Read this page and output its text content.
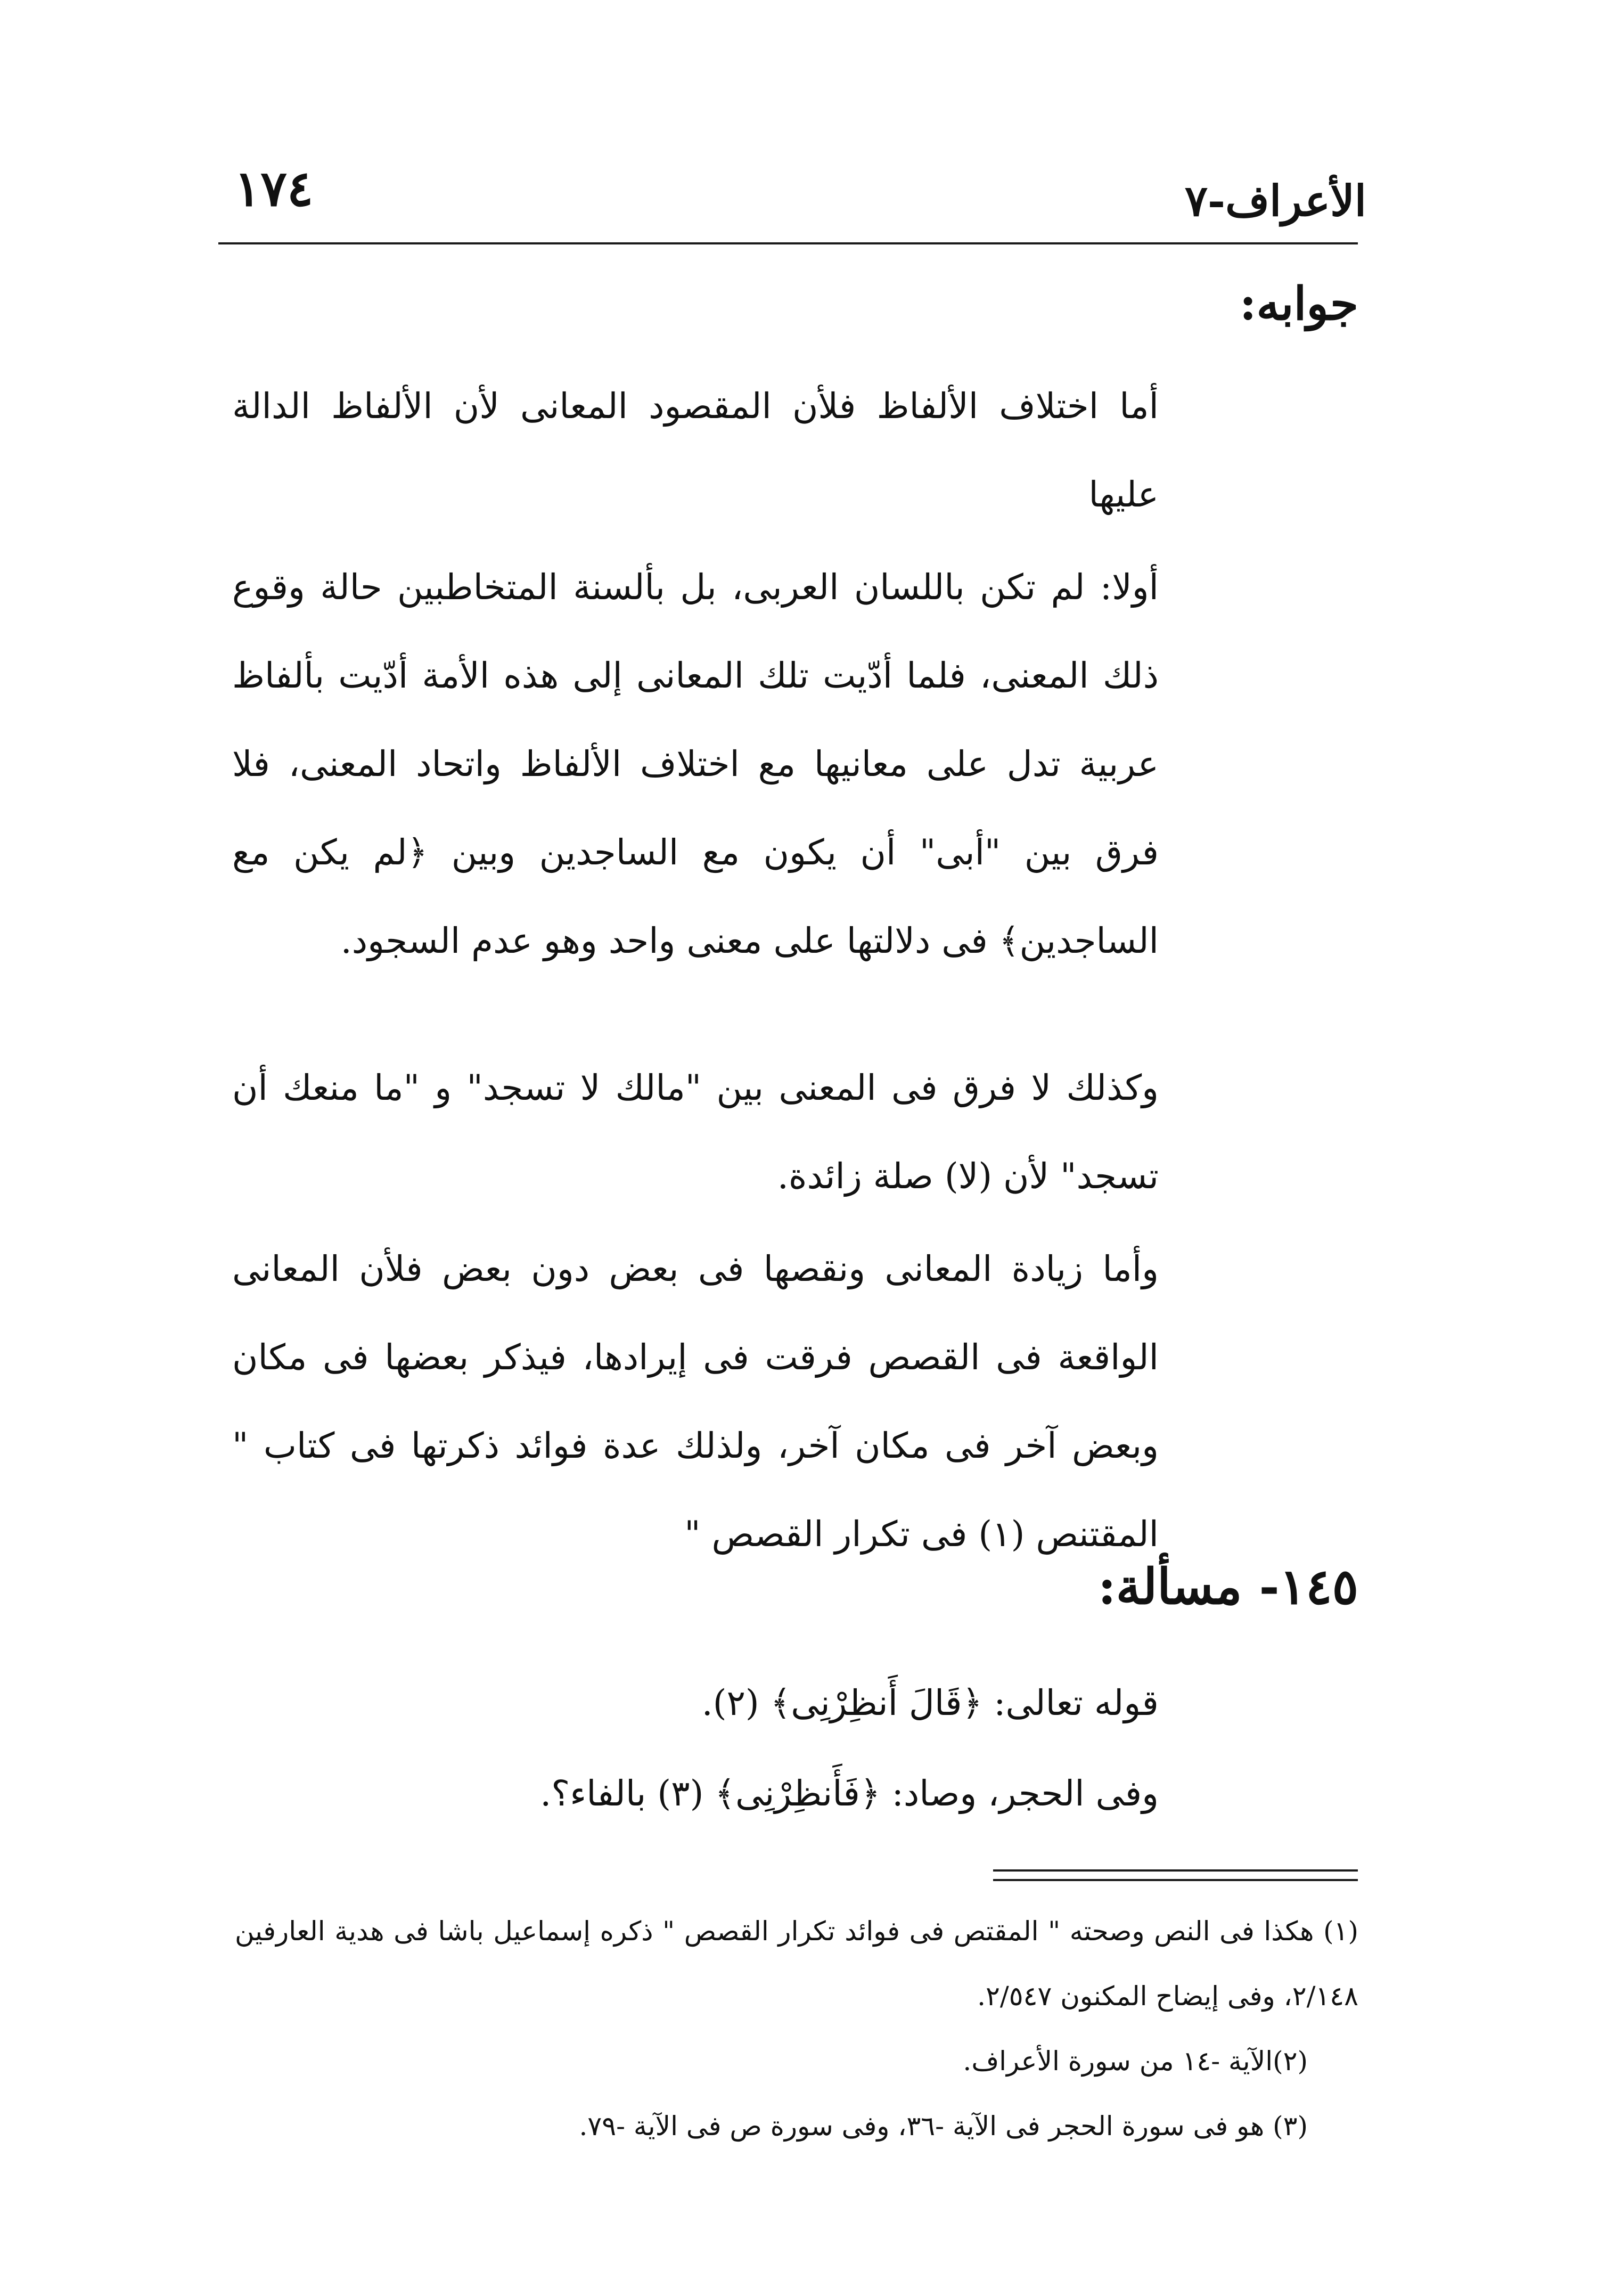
١٧٤	الأعراف-٧
جوابه:

أما اختلاف الألفاظ فلأن المقصود المعانى لأن الألفاظ الدالة عليها

أولا: لم تكن باللسان العربى، بل بألسنة المتخاطبين حالة وقوع ذلك المعنى، فلما أدّيت تلك المعانى إلى هذه الأمة أدّيت بألفاظ عربية تدل على معانيها مع اختلاف الألفاظ واتحاد المعنى، فلا فرق بين "أبى" أن يكون مع الساجدين وبين ﴿لم يكن مع الساجدين﴾ فى دلالتها على معنى واحد وهو عدم السجود.

وكذلك لا فرق فى المعنى بين "مالك لا تسجد" و "ما منعك أن تسجد" لأن (لا) صلة زائدة.

وأما زيادة المعانى ونقصها فى بعض دون بعض فلأن المعانى الواقعة فى القصص فرقت فى إيرادها، فيذكر بعضها فى مكان وبعض آخر فى مكان آخر، ولذلك عدة فوائد ذكرتها فى كتاب " المقتنص (١) فى تكرار القصص "

١٤٥- مسألة:

قوله تعالى: ﴿قَالَ أَنظِرْنِى﴾ (٢).

وفى الحجر، وصاد: ﴿فَأَنظِرْنِى﴾ (٣) بالفاء؟.

(١) هكذا فى النص وصحته " المقتص فى فوائد تكرار القصص " ذكره إسماعيل باشا فى هدية العارفين ٢/١٤٨، وفى إيضاح المكنون ٢/٥٤٧.

(٢)الآية -١٤ من سورة الأعراف.

(٣) هو فى سورة الحجر فى الآية -٣٦، وفى سورة ص فى الآية -٧٩.
